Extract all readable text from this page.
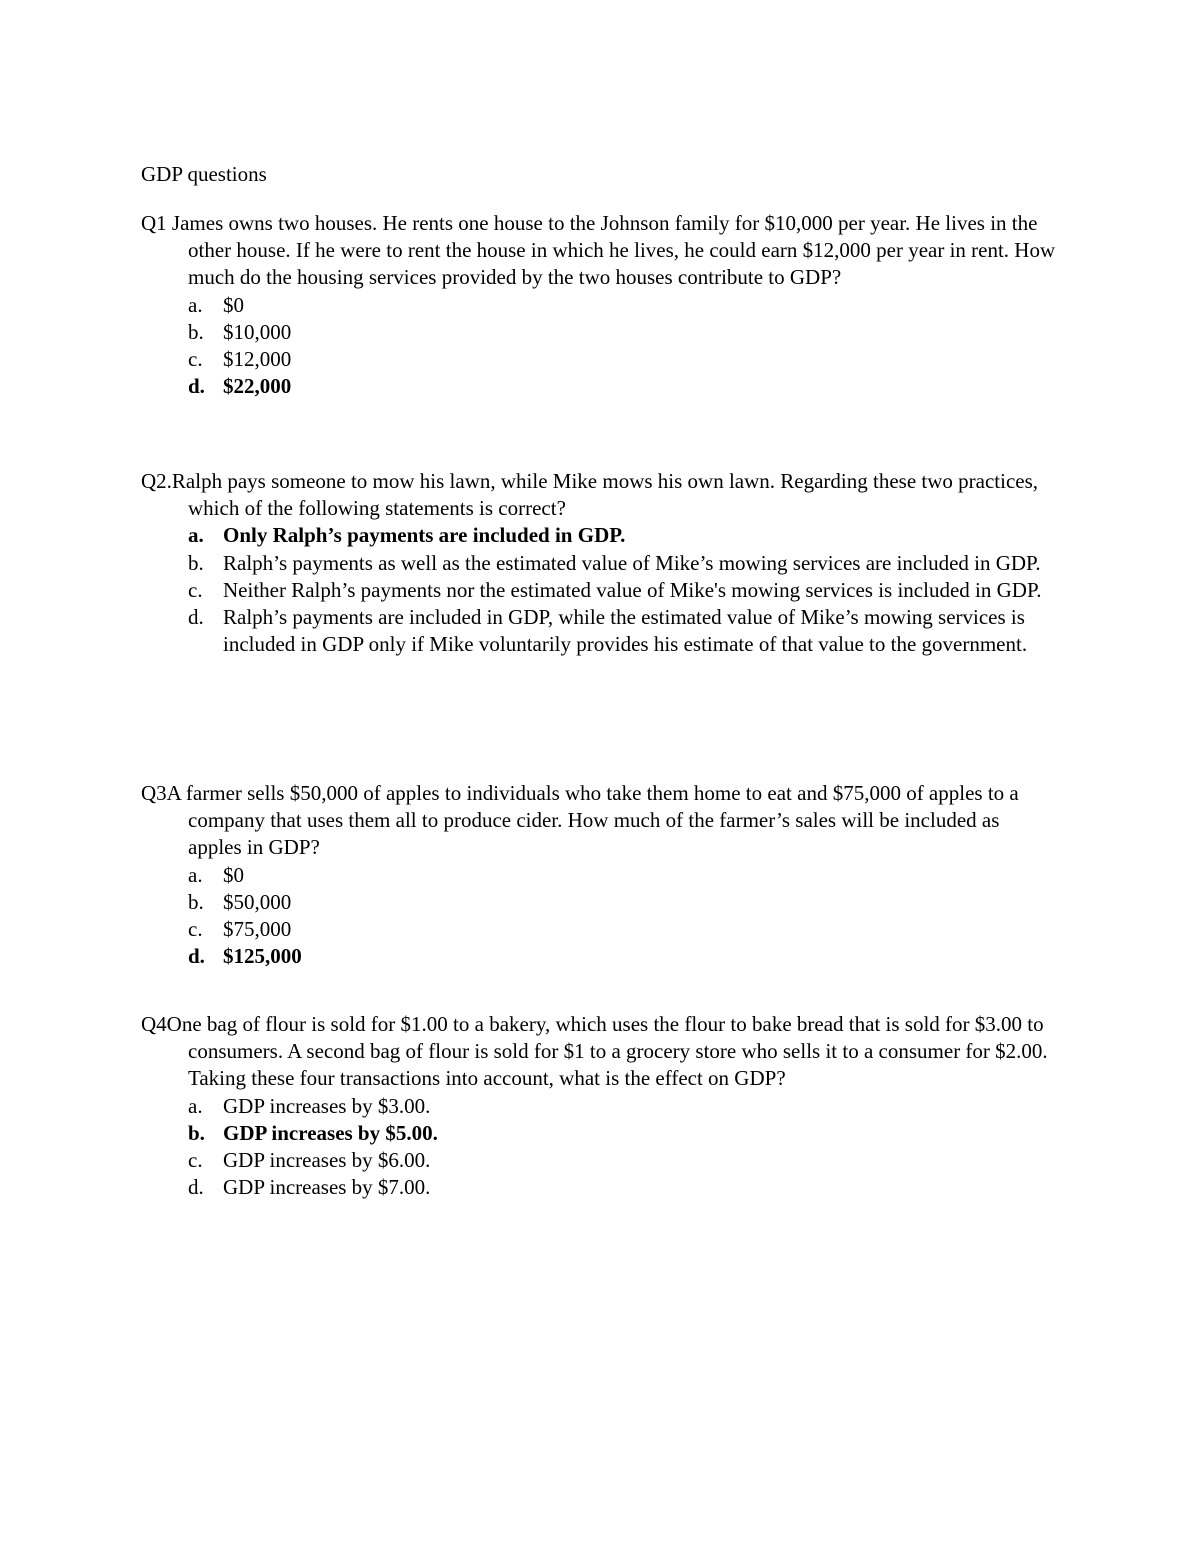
GDP questions

Q1 James owns two houses. He rents one house to the Johnson family for $10,000 per year. He lives in the other house. If he were to rent the house in which he lives, he could earn $12,000 per year in rent. How much do the housing services provided by the two houses contribute to GDP?

a. $0
b. $10,000
c. $12,000
d. $22,000

Q2.Ralph pays someone to mow his lawn, while Mike mows his own lawn. Regarding these two practices, which of the following statements is correct?

a. Only Ralph’s payments are included in GDP.
b. Ralph’s payments as well as the estimated value of Mike’s mowing services are included in GDP.
c. Neither Ralph’s payments nor the estimated value of Mike's mowing services is included in GDP.
d. Ralph’s payments are included in GDP, while the estimated value of Mike’s mowing services is included in GDP only if Mike voluntarily provides his estimate of that value to the government.

Q3A farmer sells $50,000 of apples to individuals who take them home to eat and $75,000 of apples to a company that uses them all to produce cider. How much of the farmer’s sales will be included as apples in GDP?

a. $0
b. $50,000
c. $75,000
d. $125,000

Q4One bag of flour is sold for $1.00 to a bakery, which uses the flour to bake bread that is sold for $3.00 to consumers. A second bag of flour is sold for $1 to a grocery store who sells it to a consumer for $2.00. Taking these four transactions into account, what is the effect on GDP?

a. GDP increases by $3.00.
b. GDP increases by $5.00.
c. GDP increases by $6.00.
d. GDP increases by $7.00.
